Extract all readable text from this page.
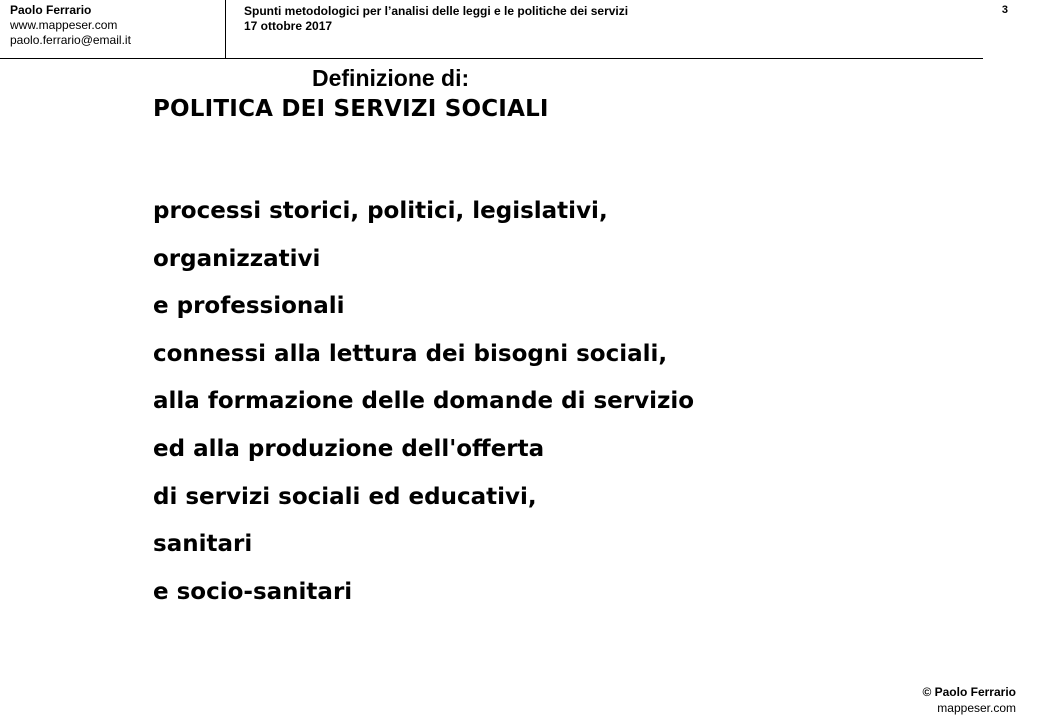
Paolo Ferrario
www.mappeser.com
paolo.ferrario@email.it
Spunti metodologici per l’analisi delle leggi e le politiche dei servizi
17 ottobre 2017
3
Definizione di:
POLITICA DEI SERVIZI SOCIALI
processi storici, politici, legislativi,
organizzativi
e professionali
connessi alla lettura dei bisogni sociali,
alla formazione delle domande di servizio
ed alla produzione dell'offerta
di servizi sociali ed educativi,
sanitari
e socio-sanitari
© Paolo Ferrario
mappeser.com
